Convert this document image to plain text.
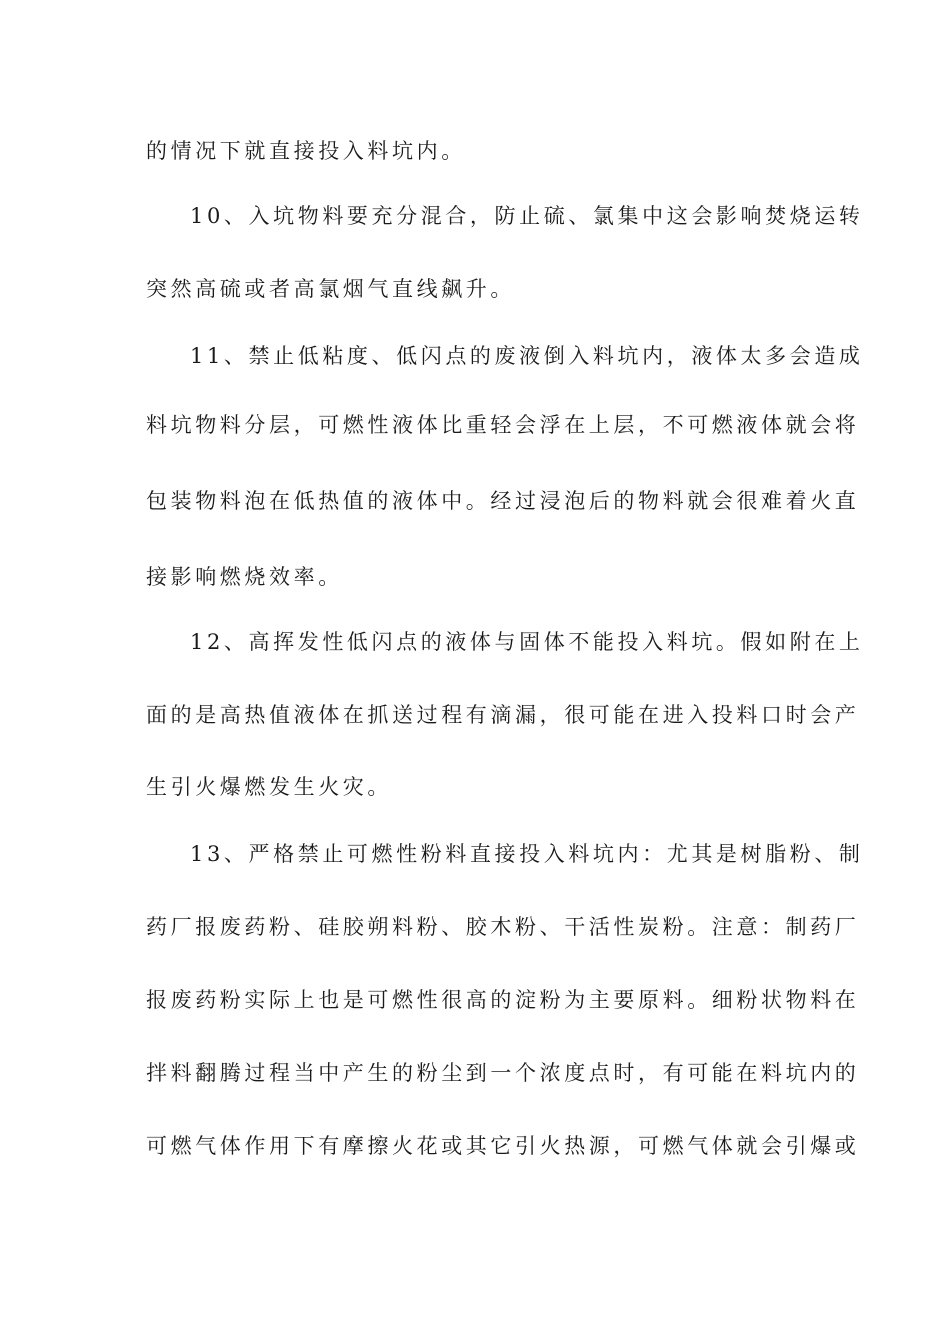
的情况下就直接投入料坑内。
10、入坑物料要充分混合，防止硫、氯集中这会影响焚烧运转
突然高硫或者高氯烟气直线飙升。
11、禁止低粘度、低闪点的废液倒入料坑内，液体太多会造成
料坑物料分层，可燃性液体比重轻会浮在上层，不可燃液体就会将
包装物料泡在低热值的液体中。经过浸泡后的物料就会很难着火直
接影响燃烧效率。
12、高挥发性低闪点的液体与固体不能投入料坑。假如附在上
面的是高热值液体在抓送过程有滴漏，很可能在进入投料口时会产
生引火爆燃发生火灾。
13、严格禁止可燃性粉料直接投入料坑内：尤其是树脂粉、制
药厂报废药粉、硅胶朔料粉、胶木粉、干活性炭粉。注意：制药厂
报废药粉实际上也是可燃性很高的淀粉为主要原料。细粉状物料在
拌料翻腾过程当中产生的粉尘到一个浓度点时，有可能在料坑内的
可燃气体作用下有摩擦火花或其它引火热源，可燃气体就会引爆或
